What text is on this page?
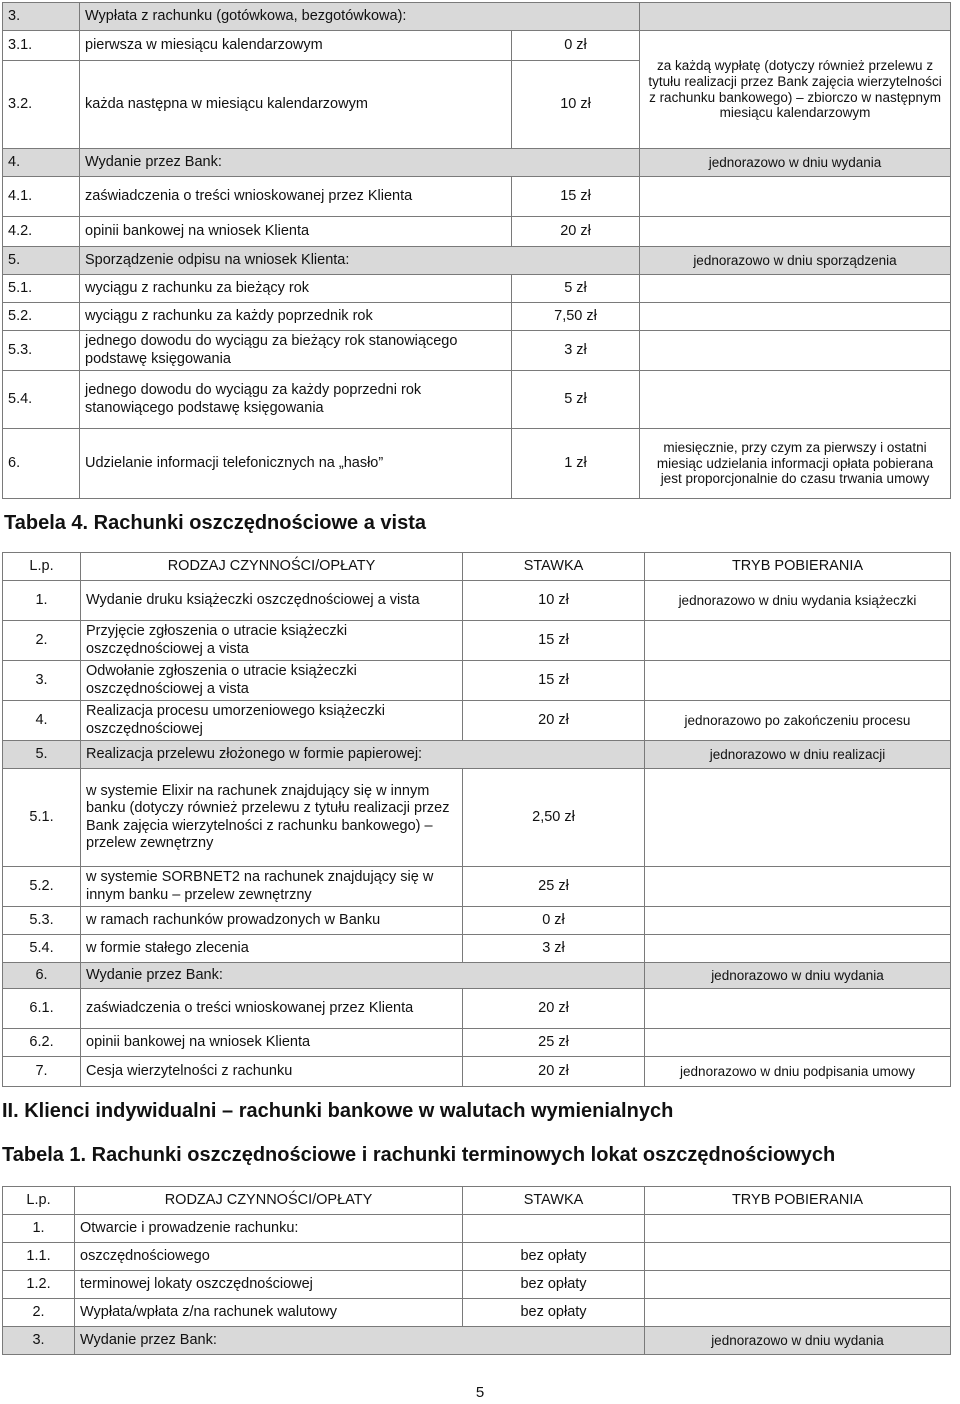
3.	Wypłata z rachunku (gotówkowa, bezgotówkowa):		
3.1.	pierwsza w miesiącu kalendarzowym	0 zł	za każdą wypłatę (dotyczy również przelewu z tytułu realizacji przez Bank zajęcia wierzytelności z rachunku bankowego) – zbiorczo w następnym miesiącu kalendarzowym
3.2.	każda następna w miesiącu kalendarzowym	10 zł	
4.	Wydanie przez Bank:		jednorazowo w dniu wydania
4.1.	zaświadczenia o treści wnioskowanej przez Klienta	15 zł	
4.2.	opinii bankowej na wniosek Klienta	20 zł	
5.	Sporządzenie odpisu na wniosek Klienta:		jednorazowo w dniu sporządzenia
5.1.	wyciągu z rachunku za bieżący rok	5 zł	
5.2.	wyciągu z rachunku za każdy poprzednik rok	7,50 zł	
5.3.	jednego dowodu do wyciągu za bieżący rok stanowiącego podstawę księgowania	3 zł	
5.4.	jednego dowodu do wyciągu za każdy poprzedni rok stanowiącego podstawę księgowania	5 zł	
6.	Udzielanie informacji telefonicznych na „hasło”	1 zł	miesięcznie, przy czym za pierwszy i ostatni miesiąc udzielania informacji opłata pobierana jest proporcjonalnie do czasu trwania umowy
Tabela 4. Rachunki oszczędnościowe a vista
L.p.	RODZAJ CZYNNOŚCI/OPŁATY	STAWKA	TRYB POBIERANIA
1.	Wydanie druku książeczki oszczędnościowej a vista	10 zł	jednorazowo w dniu wydania książeczki
2.	Przyjęcie zgłoszenia o utracie książeczki oszczędnościowej a vista	15 zł	
3.	Odwołanie zgłoszenia o utracie książeczki oszczędnościowej a vista	15 zł	
4.	Realizacja procesu umorzeniowego książeczki oszczędnościowej	20 zł	jednorazowo po zakończeniu procesu
5.	Realizacja przelewu złożonego w formie papierowej:		jednorazowo w dniu realizacji
5.1.	w systemie Elixir na rachunek znajdujący się w innym banku (dotyczy również przelewu z tytułu realizacji przez Bank zajęcia wierzytelności z rachunku bankowego) – przelew zewnętrzny	2,50 zł	
5.2.	w systemie SORBNET2 na rachunek znajdujący się w innym banku – przelew zewnętrzny	25 zł	
5.3.	w ramach rachunków prowadzonych w Banku	0 zł	
5.4.	w formie stałego zlecenia	3 zł	
6.	Wydanie przez Bank:		jednorazowo w dniu wydania
6.1.	zaświadczenia o treści wnioskowanej przez Klienta	20 zł	
6.2.	opinii bankowej na wniosek Klienta	25 zł	
7.	Cesja wierzytelności z rachunku	20 zł	jednorazowo w dniu podpisania umowy
II. Klienci indywidualni – rachunki bankowe w walutach wymienialnych
Tabela 1. Rachunki oszczędnościowe i rachunki terminowych lokat oszczędnościowych
L.p.	RODZAJ CZYNNOŚCI/OPŁATY	STAWKA	TRYB POBIERANIA
1.	Otwarcie i prowadzenie rachunku:		
1.1.	oszczędnościowego	bez opłaty	
1.2.	terminowej lokaty oszczędnościowej	bez opłaty	
2.	Wypłata/wpłata z/na rachunek walutowy	bez opłaty	
3.	Wydanie przez Bank:		jednorazowo w dniu wydania
5
